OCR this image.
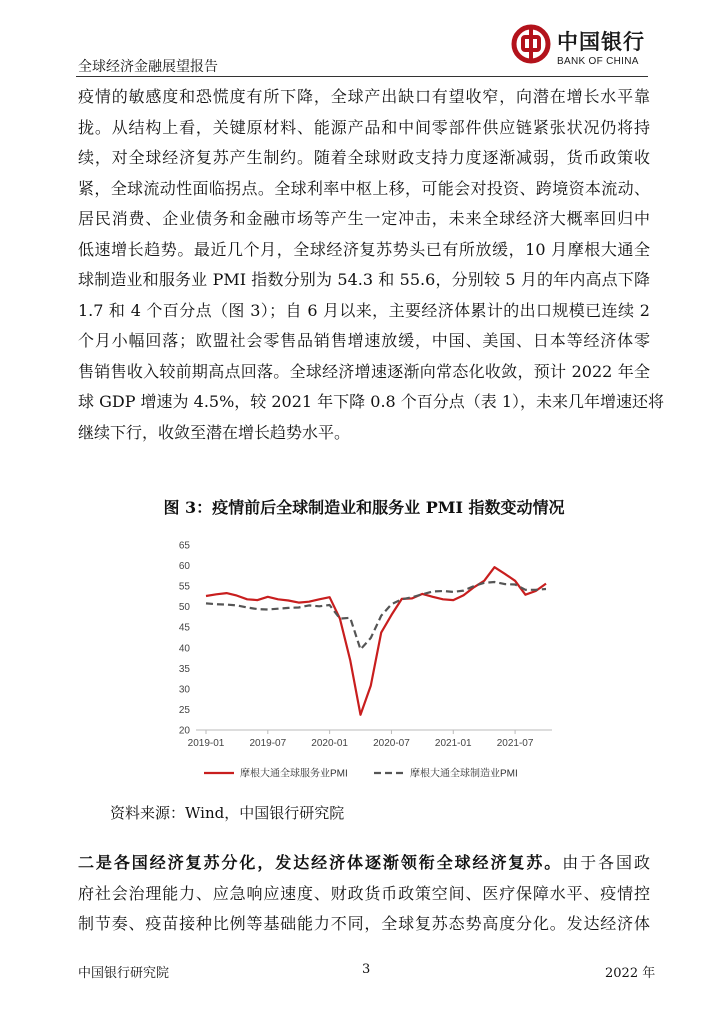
全球经济金融展望报告
中国银行
BANK OF CHINA
疫情的敏感度和恐慌度有所下降，全球产出缺口有望收窄，向潜在增长水平靠
拢。从结构上看，关键原材料、能源产品和中间零部件供应链紧张状况仍将持
续，对全球经济复苏产生制约。随着全球财政支持力度逐渐减弱，货币政策收
紧，全球流动性面临拐点。全球利率中枢上移，可能会对投资、跨境资本流动、
居民消费、企业债务和金融市场等产生一定冲击，未来全球经济大概率回归中
低速增长趋势。最近几个月，全球经济复苏势头已有所放缓，10 月摩根大通全
球制造业和服务业 PMI 指数分别为 54.3 和 55.6，分别较 5 月的年内高点下降
1.7 和 4 个百分点（图 3）；自 6 月以来，主要经济体累计的出口规模已连续 2
个月小幅回落；欧盟社会零售品销售增速放缓，中国、美国、日本等经济体零
售销售收入较前期高点回落。全球经济增速逐渐向常态化收敛，预计 2022 年全
球 GDP 增速为 4.5%，较 2021 年下降 0.8 个百分点（表 1），未来几年增速还将
继续下行，收敛至潜在增长趋势水平。
图 3：疫情前后全球制造业和服务业 PMI 指数变动情况
20
25
30
35
40
45
50
55
60
65
2019-01	2019-07	2020-01	2020-07	2021-01	2021-07
摩根大通全球服务业PMI	摩根大通全球制造业PMI
资料来源：Wind，中国银行研究院
二是各国经济复苏分化，发达经济体逐渐领衔全球经济复苏。由于各国政
府社会治理能力、应急响应速度、财政货币政策空间、医疗保障水平、疫情控
制节奏、疫苗接种比例等基础能力不同，全球复苏态势高度分化。发达经济体
中国银行研究院	3	2022 年
